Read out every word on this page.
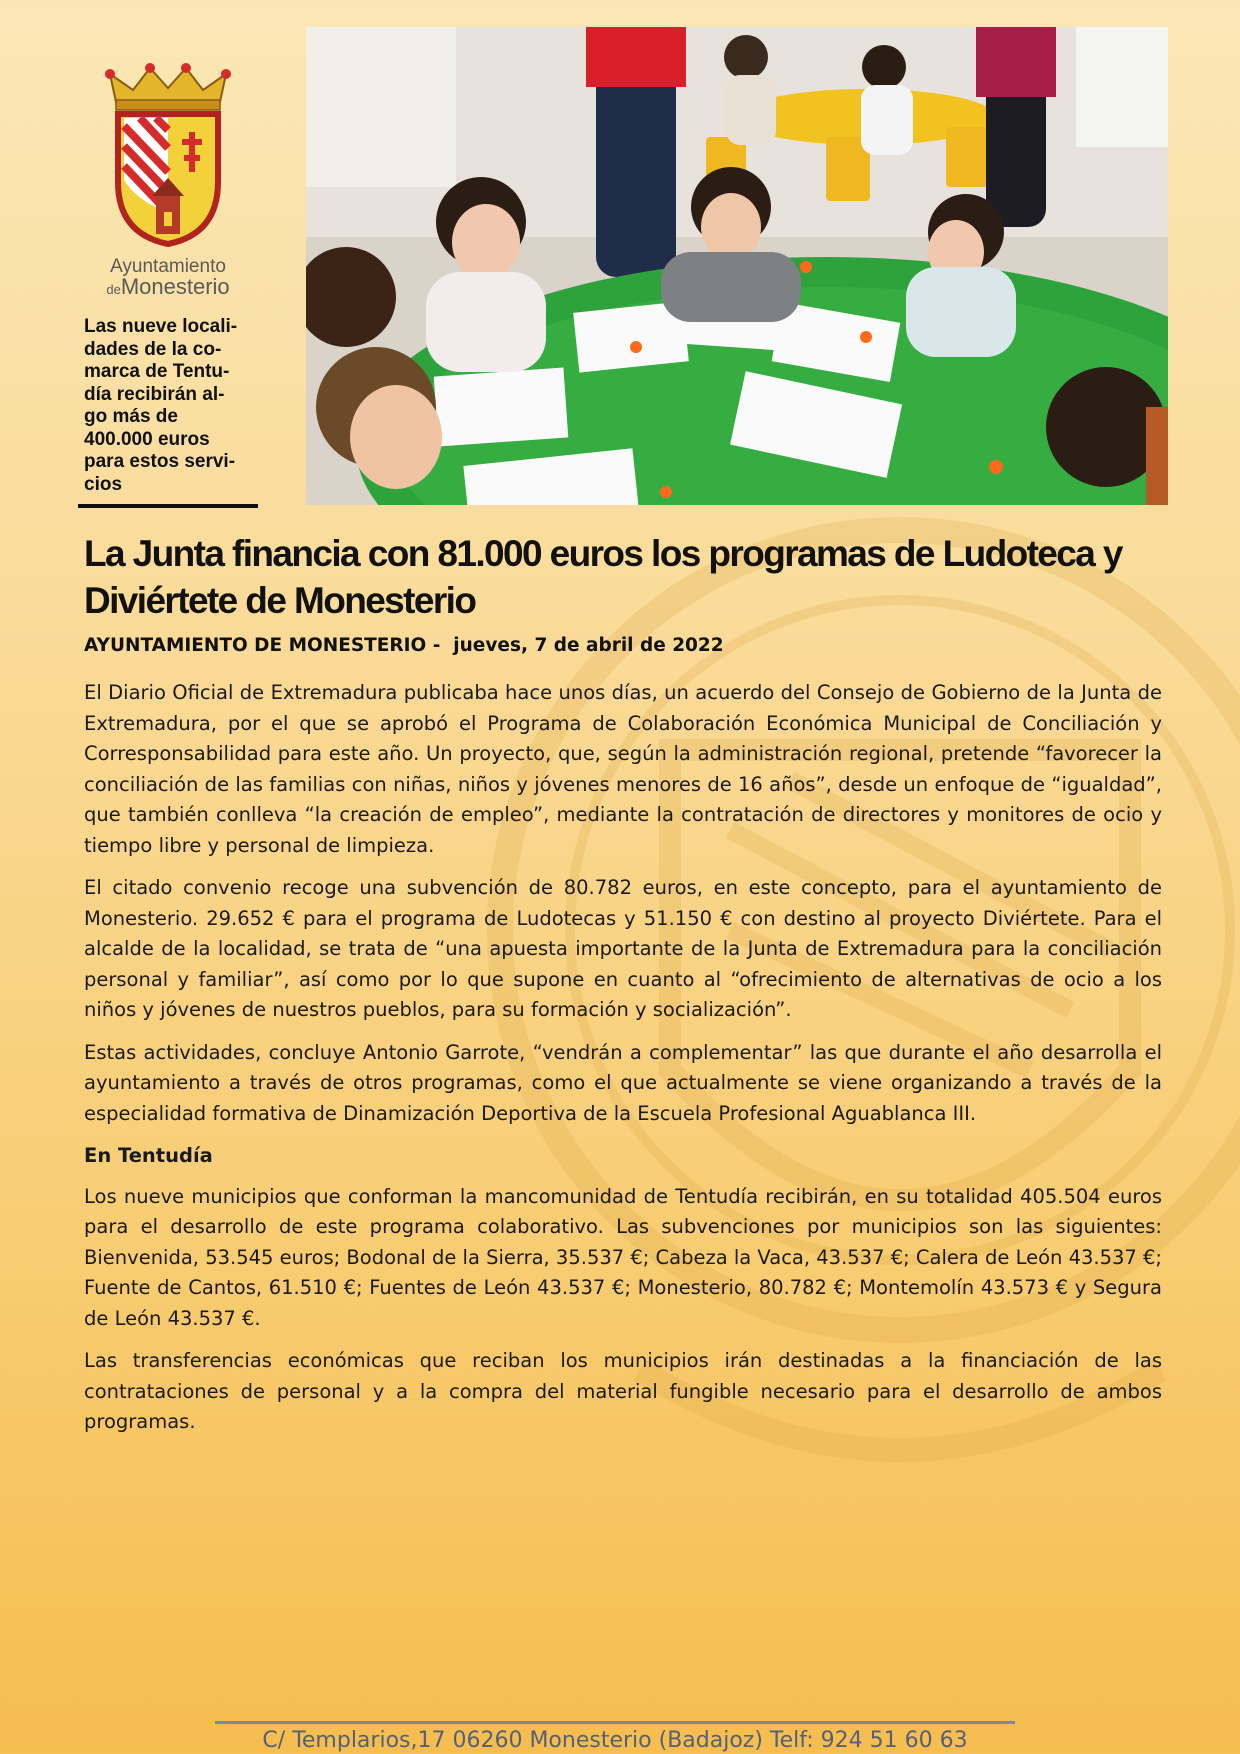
Ayuntamiento
deMonesterio

Las nueve locali-
dades de la co-
marca de Tentu-
día recibirán al-
go más de
400.000 euros
para estos servi-
cios

La Junta financia con 81.000 euros los programas de Ludoteca y Diviértete de Monesterio

AYUNTAMIENTO DE MONESTERIO -  jueves, 7 de abril de 2022

El Diario Oficial de Extremadura publicaba hace unos días, un acuerdo del Consejo de Gobierno de la Junta de Extremadura, por el que se aprobó el Programa de Colaboración Económica Municipal de Conciliación y Corresponsabilidad para este año. Un proyecto, que, según la administración regional, pretende “favorecer la conciliación de las familias con niñas, niños y jóvenes menores de 16 años”, desde un enfoque de “igualdad”, que también conlleva “la creación de empleo”, mediante la contratación de directores y monitores de ocio y tiempo libre y personal de limpieza.

El citado convenio recoge una subvención de 80.782 euros, en este concepto, para el ayuntamiento de Monesterio. 29.652 € para el programa de Ludotecas y 51.150 € con destino al proyecto Diviértete. Para el alcalde de la localidad, se trata de “una apuesta importante de la Junta de Extremadura para la conciliación personal y familiar”, así como por lo que supone en cuanto al “ofrecimiento de alternativas de ocio a los niños y jóvenes de nuestros pueblos, para su formación y socialización”.

Estas actividades, concluye Antonio Garrote, “vendrán a complementar” las que durante el año desarrolla el ayuntamiento a través de otros programas, como el que actualmente se viene organizando a través de la especialidad formativa de Dinamización Deportiva de la Escuela Profesional Aguablanca III.

En Tentudía

Los nueve municipios que conforman la mancomunidad de Tentudía recibirán, en su totalidad 405.504 euros para el desarrollo de este programa colaborativo. Las subvenciones por municipios son las siguientes: Bienvenida, 53.545 euros; Bodonal de la Sierra, 35.537 €; Cabeza la Vaca, 43.537 €; Calera de León 43.537 €; Fuente de Cantos, 61.510 €; Fuentes de León 43.537 €; Monesterio, 80.782 €; Montemolín 43.573 € y Segura de León 43.537 €.

Las transferencias económicas que reciban los municipios irán destinadas a la financiación de las contrataciones de personal y a la compra del material fungible necesario para el desarrollo de ambos programas.

C/ Templarios,17 06260 Monesterio (Badajoz) Telf: 924 51 60 63
